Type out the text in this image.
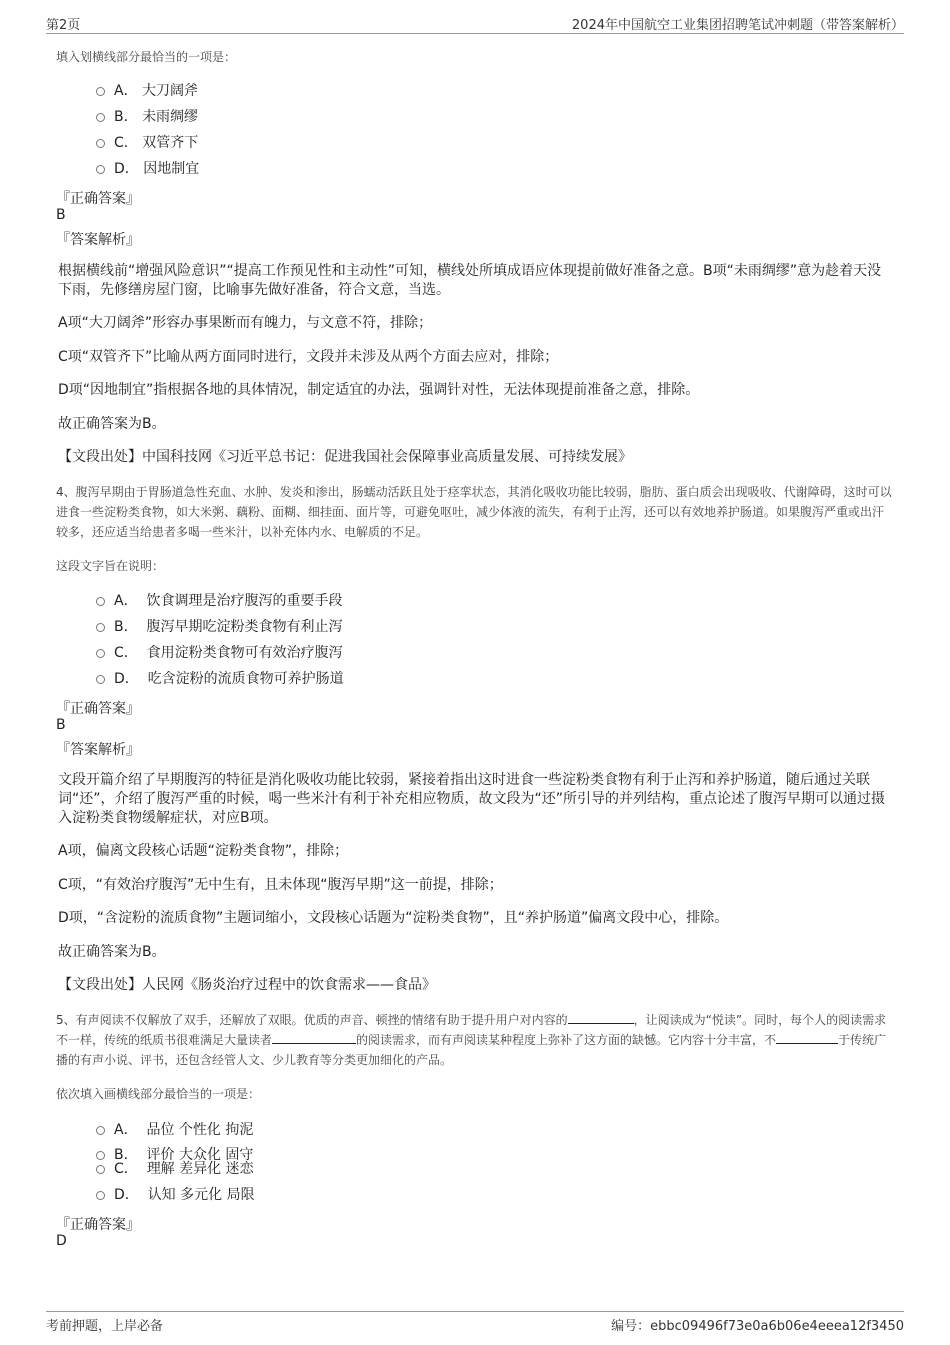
第2页	2024年中国航空工业集团招聘笔试冲刺题（带答案解析）
填入划横线部分最恰当的一项是：
A． 大刀阔斧
B． 未雨绸缪
C． 双管齐下
D． 因地制宜
『正确答案』
B
『答案解析』
根据横线前“增强风险意识”“提高工作预见性和主动性”可知，横线处所填成语应体现提前做好准备之意。B项“未雨绸缪”意为趁着天没下雨，先修缮房屋门窗，比喻事先做好准备，符合文意，当选。
A项“大刀阔斧”形容办事果断而有魄力，与文意不符，排除；
C项“双管齐下”比喻从两方面同时进行，文段并未涉及从两个方面去应对，排除；
D项“因地制宜”指根据各地的具体情况，制定适宜的办法，强调针对性，无法体现提前准备之意，排除。
故正确答案为B。
【文段出处】中国科技网《习近平总书记：促进我国社会保障事业高质量发展、可持续发展》
4、腹泻早期由于胃肠道急性充血、水肿、发炎和渗出，肠蠕动活跃且处于痉挛状态，其消化吸收功能比较弱，脂肪、蛋白质会出现吸收、代谢障碍，这时可以进食一些淀粉类食物，如大米粥、藕粉、面糊、细挂面、面片等，可避免呕吐，减少体液的流失，有利于止泻，还可以有效地养护肠道。如果腹泻严重或出汗较多，还应适当给患者多喝一些米汁，以补充体内水、电解质的不足。
这段文字旨在说明：
A． 饮食调理是治疗腹泻的重要手段
B． 腹泻早期吃淀粉类食物有利止泻
C． 食用淀粉类食物可有效治疗腹泻
D． 吃含淀粉的流质食物可养护肠道
『正确答案』
B
『答案解析』
文段开篇介绍了早期腹泻的特征是消化吸收功能比较弱，紧接着指出这时进食一些淀粉类食物有利于止泻和养护肠道，随后通过关联词“还”，介绍了腹泻严重的时候，喝一些米汁有利于补充相应物质，故文段为“还”所引导的并列结构，重点论述了腹泻早期可以通过摄入淀粉类食物缓解症状，对应B项。
A项，偏离文段核心话题“淀粉类食物”，排除；
C项，“有效治疗腹泻”无中生有，且未体现“腹泻早期”这一前提，排除；
D项，“含淀粉的流质食物”主题词缩小，文段核心话题为“淀粉类食物”，且“养护肠道”偏离文段中心，排除。
故正确答案为B。
【文段出处】人民网《肠炎治疗过程中的饮食需求——食品》
5、有声阅读不仅解放了双手，还解放了双眼。优质的声音、顿挫的情绪有助于提升用户对内容的	，让阅读成为“悦读”。同时，每个人的阅读需求不一样，传统的纸质书很难满足大量读者	的阅读需求，而有声阅读某种程度上弥补了这方面的缺憾。它内容十分丰富，不	于传统广播的有声小说、评书，还包含经管人文、少儿教育等分类更加细化的产品。
依次填入画横线部分最恰当的一项是：
A． 品位 个性化 拘泥
B． 评价 大众化 固守
C． 理解 差异化 迷恋
D． 认知 多元化 局限
『正确答案』
D
考前押题，上岸必备	编号：ebbc09496f73e0a6b06e4eeea12f3450
